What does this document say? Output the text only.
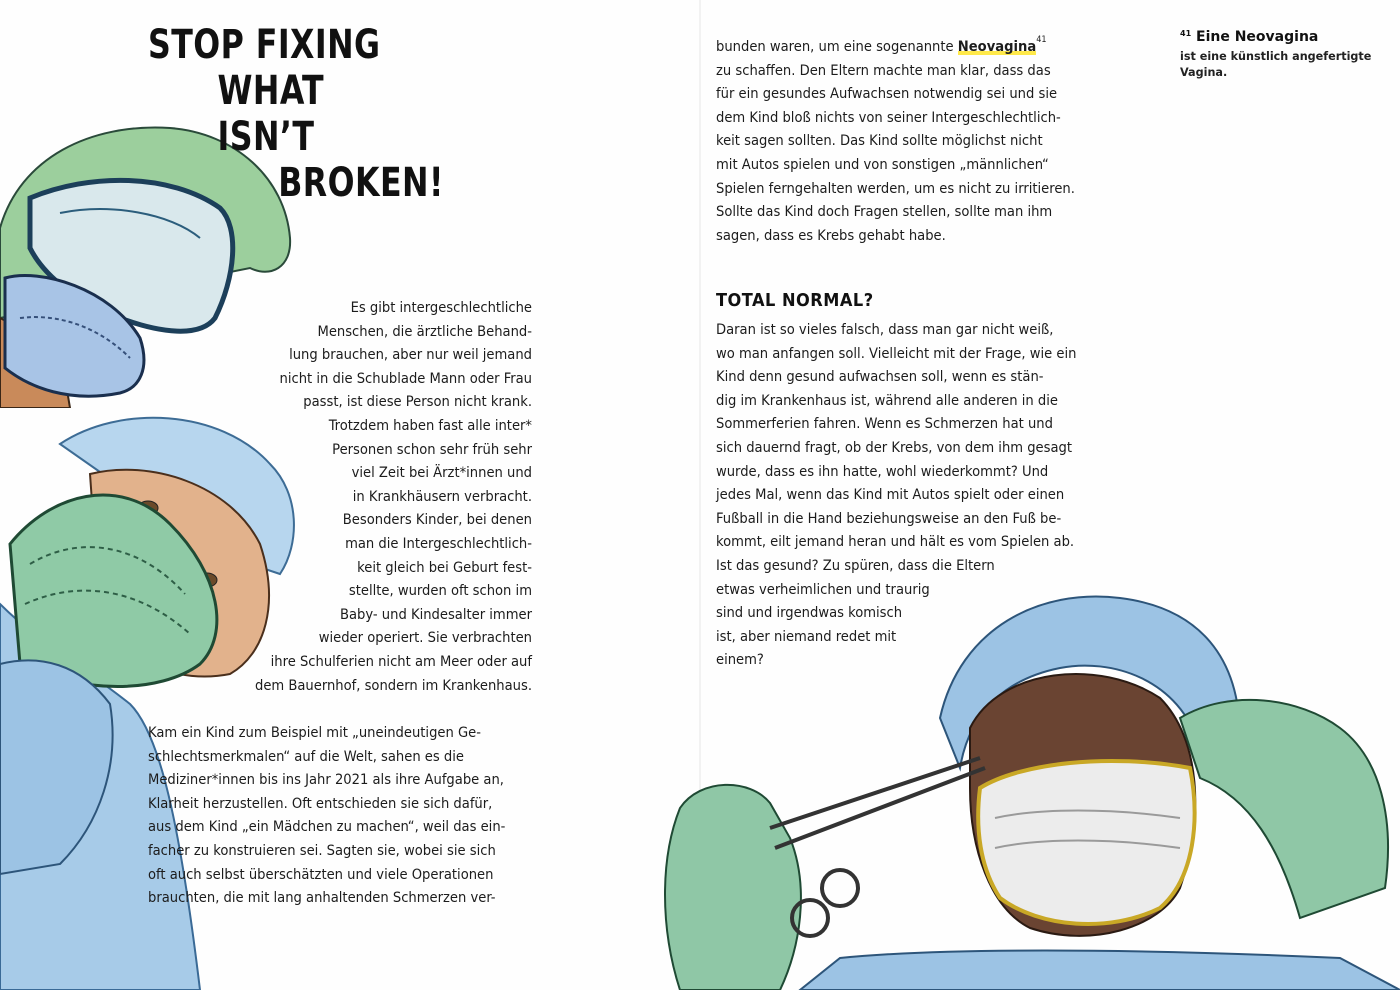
STOP FIXING
WHAT ISN’T
BROKEN!
Es gibt intergeschlechtliche
Menschen, die ärztliche Behand-
lung brauchen, aber nur weil jemand
nicht in die Schublade Mann oder Frau
passt, ist diese Person nicht krank.
Trotzdem haben fast alle inter*
Personen schon sehr früh sehr
viel Zeit bei Ärzt*innen und
in Krankhäusern verbracht.
Besonders Kinder, bei denen
man die Intergeschlechtlich-
keit gleich bei Geburt fest-
stellte, wurden oft schon im
Baby- und Kindesalter immer
wieder operiert. Sie verbrachten
ihre Schulferien nicht am Meer oder auf
dem Bauernhof, sondern im Krankenhaus.
Kam ein Kind zum Beispiel mit „uneindeutigen Ge-
schlechtsmerkmalen“ auf die Welt, sahen es die
Mediziner*innen bis ins Jahr 2021 als ihre Aufgabe an,
Klarheit herzustellen. Oft entschieden sie sich dafür,
aus dem Kind „ein Mädchen zu machen“, weil das ein-
facher zu konstruieren sei. Sagten sie, wobei sie sich
oft auch selbst überschätzten und viele Operationen
brauchten, die mit lang anhaltenden Schmerzen ver-
bunden waren, um eine sogenannte Neovagina$^{41}$
zu schaffen. Den Eltern machte man klar, dass das
für ein gesundes Aufwachsen notwendig sei und sie
dem Kind bloß nichts von seiner Intergeschlechtlich-
keit sagen sollten. Das Kind sollte möglichst nicht
mit Autos spielen und von sonstigen „männlichen“
Spielen ferngehalten werden, um es nicht zu irritieren.
Sollte das Kind doch Fragen stellen, sollte man ihm
sagen, dass es Krebs gehabt habe.
TOTAL NORMAL?
Daran ist so vieles falsch, dass man gar nicht weiß,
wo man anfangen soll. Vielleicht mit der Frage, wie ein
Kind denn gesund aufwachsen soll, wenn es stän-
dig im Krankenhaus ist, während alle anderen in die
Sommerferien fahren. Wenn es Schmerzen hat und
sich dauernd fragt, ob der Krebs, von dem ihm gesagt
wurde, dass es ihn hatte, wohl wiederkommt? Und
jedes Mal, wenn das Kind mit Autos spielt oder einen
Fußball in die Hand beziehungsweise an den Fuß be-
kommt, eilt jemand heran und hält es vom Spielen ab.
Ist das gesund? Zu spüren, dass die Eltern
etwas verheimlichen und traurig
sind und irgendwas komisch
ist, aber niemand redet mit
einem?
$^{41}$ Eine Neovagina
ist eine künstlich angefertigte Vagina.
